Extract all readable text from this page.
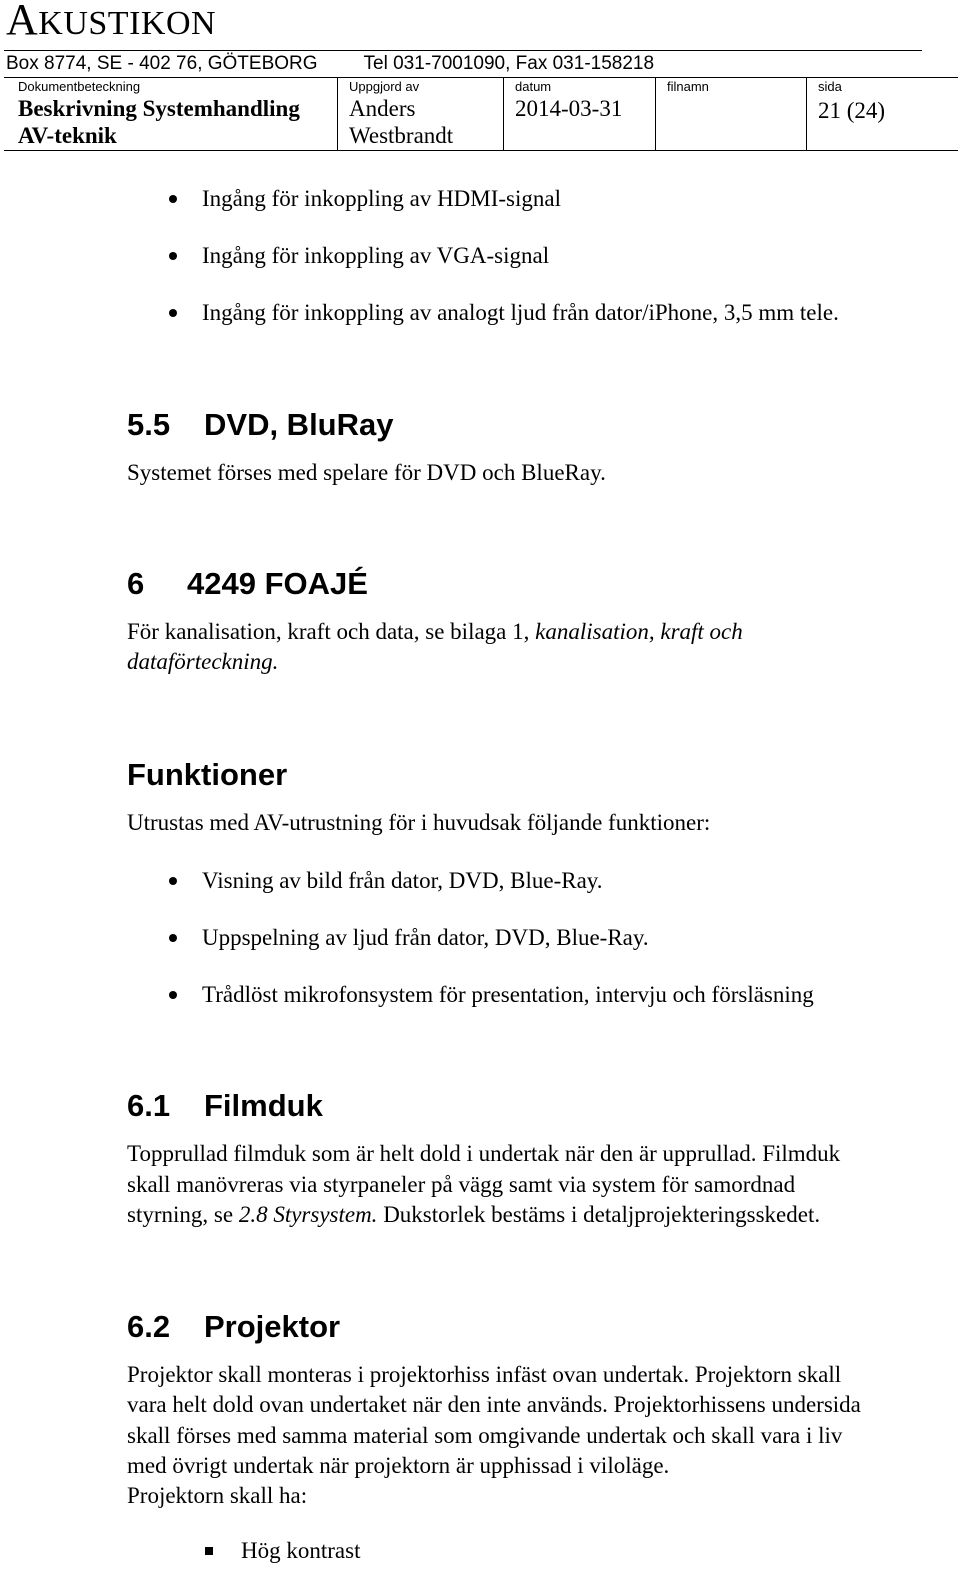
AKUSTIKON
Box 8774, SE - 402 76, GÖTEBORG Tel 031-7001090, Fax 031-158218
Dokumentbeteckning
Beskrivning Systemhandling
AV-teknik
Uppgjord av
Anders
Westbrandt
datum
2014-03-31
filnamn	sida
21 (24)
Ingång för inkoppling av HDMI-signal
Ingång för inkoppling av VGA-signal
Ingång för inkoppling av analogt ljud från dator/iPhone, 3,5 mm tele.
5.5 DVD, BluRay
Systemet förses med spelare för DVD och BlueRay.
6 4249 FOAJÉ
För kanalisation, kraft och data, se bilaga 1, kanalisation, kraft och
dataförteckning.
Funktioner
Utrustas med AV-utrustning för i huvudsak följande funktioner:
Visning av bild från dator, DVD, Blue-Ray.
Uppspelning av ljud från dator, DVD, Blue-Ray.
Trådlöst mikrofonsystem för presentation, intervju och försläsning
6.1 Filmduk
Topprullad filmduk som är helt dold i undertak när den är upprullad. Filmduk
skall manövreras via styrpaneler på vägg samt via system för samordnad
styrning, se 2.8 Styrsystem. Dukstorlek bestäms i detaljprojekteringsskedet.
6.2 Projektor
Projektor skall monteras i projektorhiss infäst ovan undertak. Projektorn skall
vara helt dold ovan undertaket när den inte används. Projektorhissens undersida
skall förses med samma material som omgivande undertak och skall vara i liv
med övrigt undertak när projektorn är upphissad i viloläge.
Projektorn skall ha:
Hög kontrast
